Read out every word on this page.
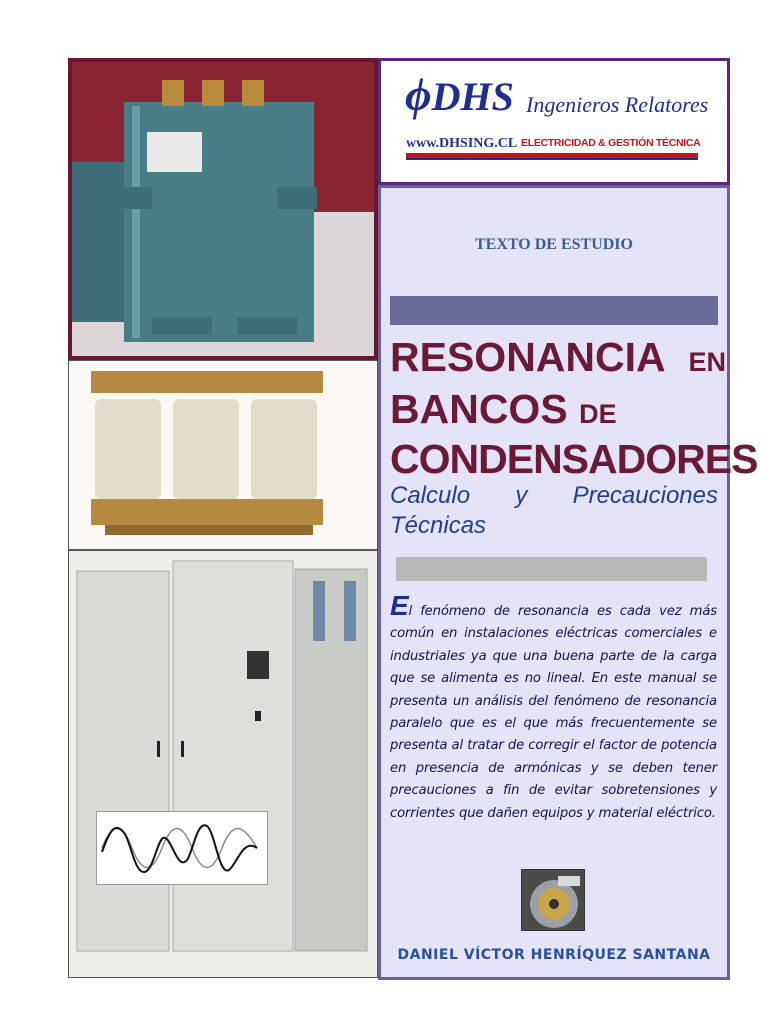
ϕDHS Ingenieros Relatores
www.DHSING.CL ELECTRICIDAD & GESTIÓN TÉCNICA
TEXTO DE ESTUDIO
RESONANCIA EN
BANCOS DE
CONDENSADORES
Calculo y Precauciones
Técnicas
El fenómeno de resonancia es cada vez más común en instalaciones eléctricas comerciales e industriales ya que una buena parte de la carga que se alimenta es no lineal. En este manual se presenta un análisis del fenómeno de resonancia paralelo que es el que más frecuentemente se presenta al tratar de corregir el factor de potencia en presencia de armónicas y se deben tener precauciones a fin de evitar sobretensiones y corrientes que dañen equipos y material eléctrico.
DANIEL VÍCTOR HENRÍQUEZ SANTANA
